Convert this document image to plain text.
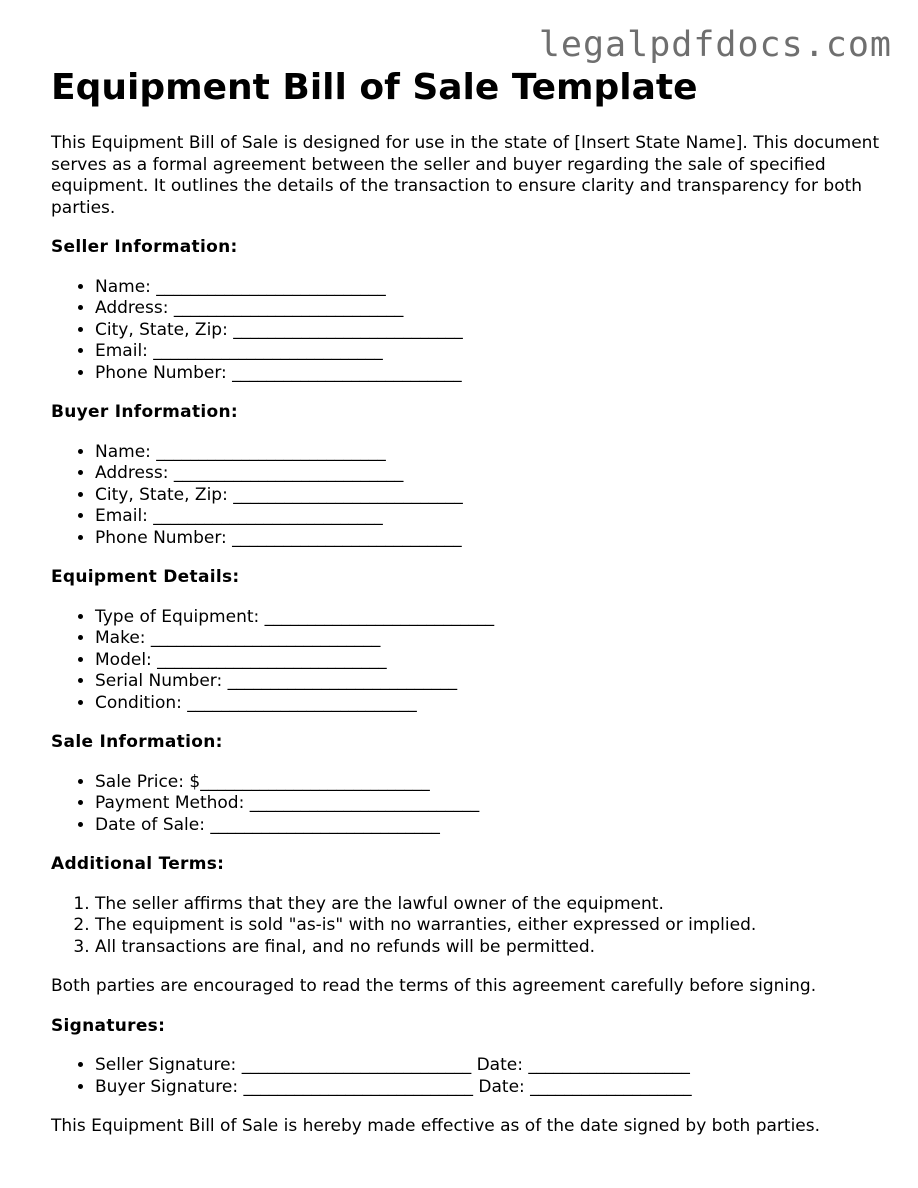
legalpdfdocs.com
Equipment Bill of Sale Template

This Equipment Bill of Sale is designed for use in the state of [Insert State Name]. This document serves as a formal agreement between the seller and buyer regarding the sale of specified equipment. It outlines the details of the transaction to ensure clarity and transparency for both parties.

Seller Information:
• Name: ___________________________
• Address: ___________________________
• City, State, Zip: ___________________________
• Email: ___________________________
• Phone Number: ___________________________
Buyer Information:
• Name: ___________________________
• Address: ___________________________
• City, State, Zip: ___________________________
• Email: ___________________________
• Phone Number: ___________________________
Equipment Details:
• Type of Equipment: ___________________________
• Make: ___________________________
• Model: ___________________________
• Serial Number: ___________________________
• Condition: ___________________________
Sale Information:
• Sale Price: $___________________________
• Payment Method: ___________________________
• Date of Sale: ___________________________
Additional Terms:
1. The seller affirms that they are the lawful owner of the equipment.
2. The equipment is sold "as-is" with no warranties, either expressed or implied.
3. All transactions are final, and no refunds will be permitted.

Both parties are encouraged to read the terms of this agreement carefully before signing.

Signatures:
• Seller Signature: ___________________________ Date: ___________________
• Buyer Signature: ___________________________ Date: ___________________

This Equipment Bill of Sale is hereby made effective as of the date signed by both parties.
